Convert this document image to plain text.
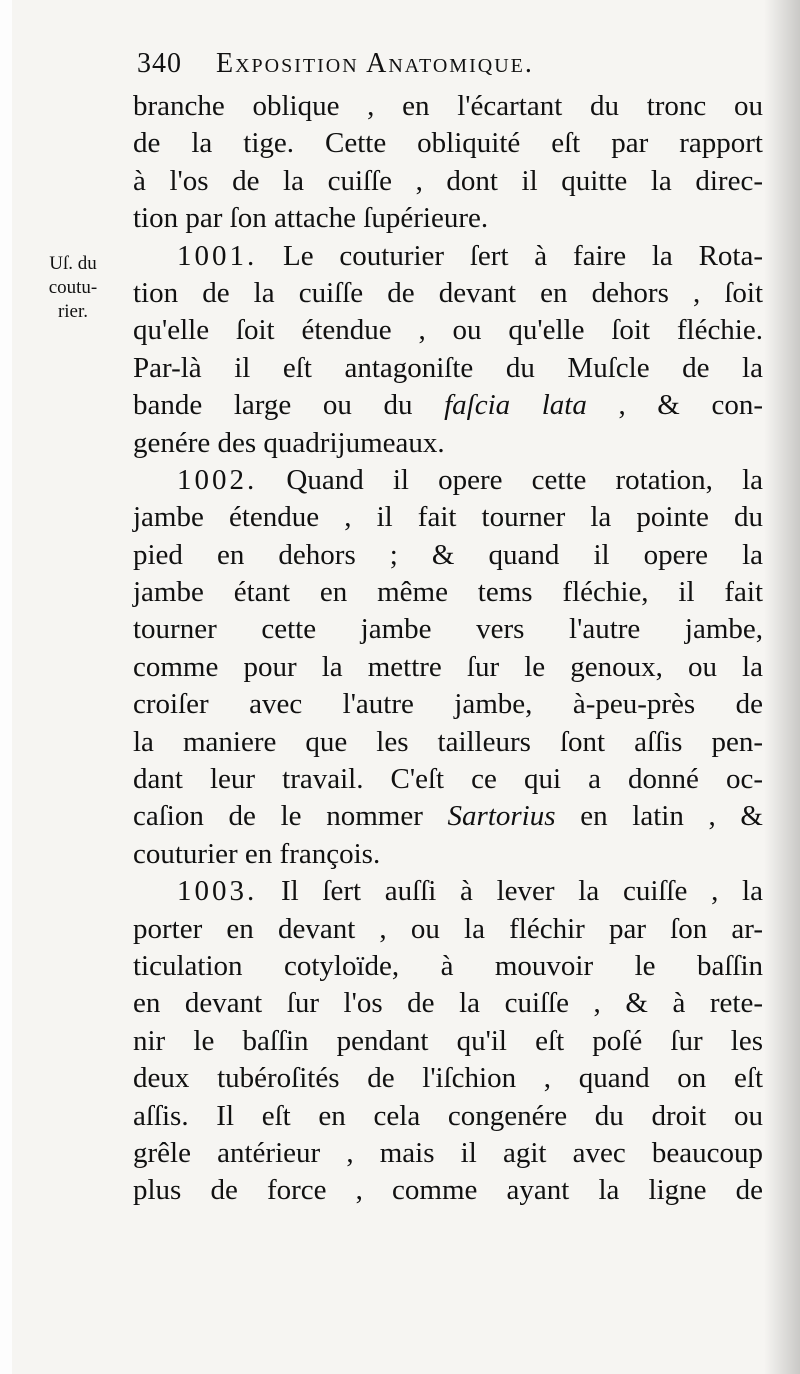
340 Exposition Anatomique.
Uſ. du
coutu-
rier.
branche oblique , en l'écartant du tronc ou
de la tige. Cette obliquité eſt par rapport
à l'os de la cuiſſe , dont il quitte la direc-
tion par ſon attache ſupérieure.
1001. Le couturier ſert à faire la Rota-
tion de la cuiſſe de devant en dehors , ſoit
qu'elle ſoit étendue , ou qu'elle ſoit fléchie.
Par-là il eſt antagoniſte du Muſcle de la
bande large ou du faſcia lata , & con-
genére des quadrijumeaux.
1002. Quand il opere cette rotation, la
jambe étendue , il fait tourner la pointe du
pied en dehors ; & quand il opere la
jambe étant en même tems fléchie, il fait
tourner cette jambe vers l'autre jambe,
comme pour la mettre ſur le genoux, ou la
croiſer avec l'autre jambe, à-peu-près de
la maniere que les tailleurs ſont aſſis pen-
dant leur travail. C'eſt ce qui a donné oc-
caſion de le nommer Sartorius en latin , &
couturier en françois.
1003. Il ſert auſſi à lever la cuiſſe , la
porter en devant , ou la fléchir par ſon ar-
ticulation cotyloïde, à mouvoir le baſſin
en devant ſur l'os de la cuiſſe , & à rete-
nir le baſſin pendant qu'il eſt poſé ſur les
deux tubéroſités de l'iſchion , quand on eſt
aſſis. Il eſt en cela congenére du droit ou
grêle antérieur , mais il agit avec beaucoup
plus de force , comme ayant la ligne de
